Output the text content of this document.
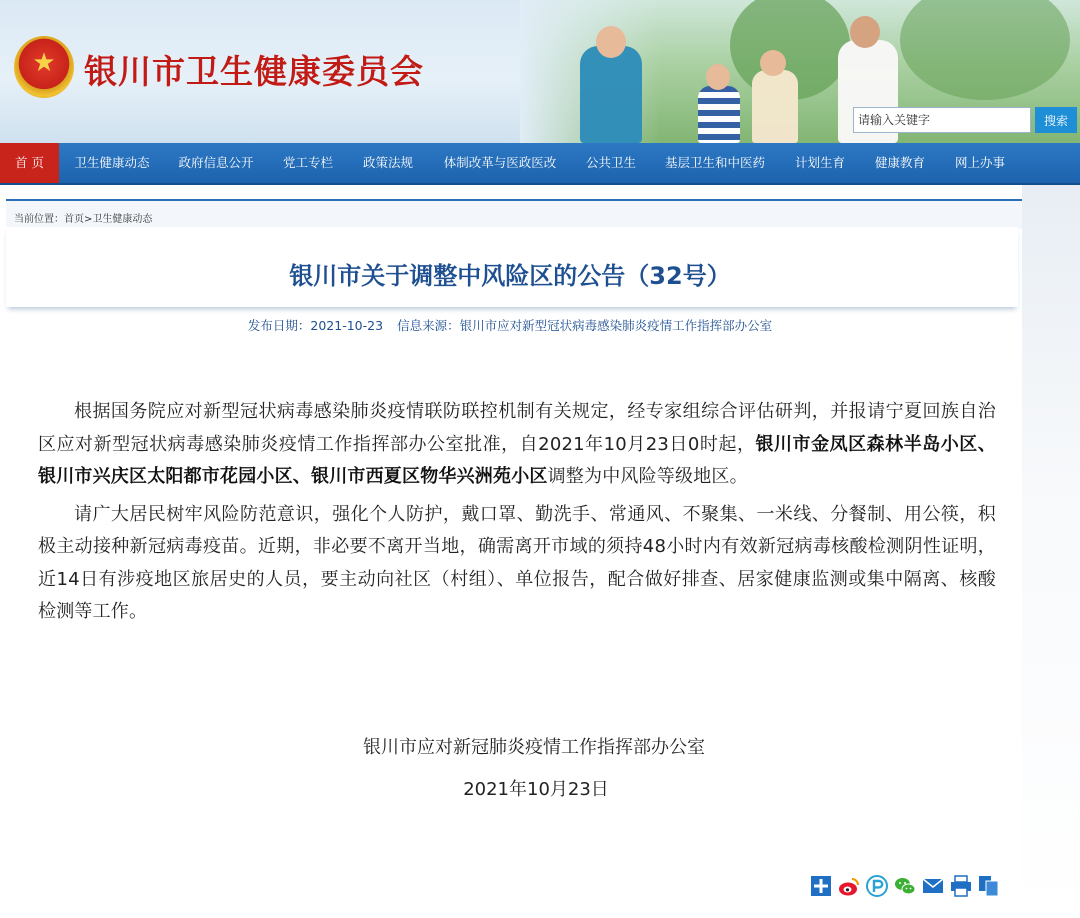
★ 银川市卫生健康委员会
请输入关键字
搜索
首 页	卫生健康动态	政府信息公开	党工专栏	政策法规	体制改革与医政医改	公共卫生	基层卫生和中医药	计划生育	健康教育	网上办事
当前位置：首页>卫生健康动态
银川市关于调整中风险区的公告（32号）
发布日期：2021-10-23 信息来源：银川市应对新型冠状病毒感染肺炎疫情工作指挥部办公室

根据国务院应对新型冠状病毒感染肺炎疫情联防联控机制有关规定，经专家组综合评估研判，并报请宁夏回族自治区应对新型冠状病毒感染肺炎疫情工作指挥部办公室批准，自2021年10月23日0时起，银川市金凤区森林半岛小区、银川市兴庆区太阳都市花园小区、银川市西夏区物华兴洲苑小区调整为中风险等级地区。

请广大居民树牢风险防范意识，强化个人防护，戴口罩、勤洗手、常通风、不聚集、一米线、分餐制、用公筷，积极主动接种新冠病毒疫苗。近期，非必要不离开当地，确需离开市域的须持48小时内有效新冠病毒核酸检测阴性证明，近14日有涉疫地区旅居史的人员，要主动向社区（村组）、单位报告，配合做好排查、居家健康监测或集中隔离、核酸检测等工作。

银川市应对新冠肺炎疫情工作指挥部办公室
2021年10月23日
